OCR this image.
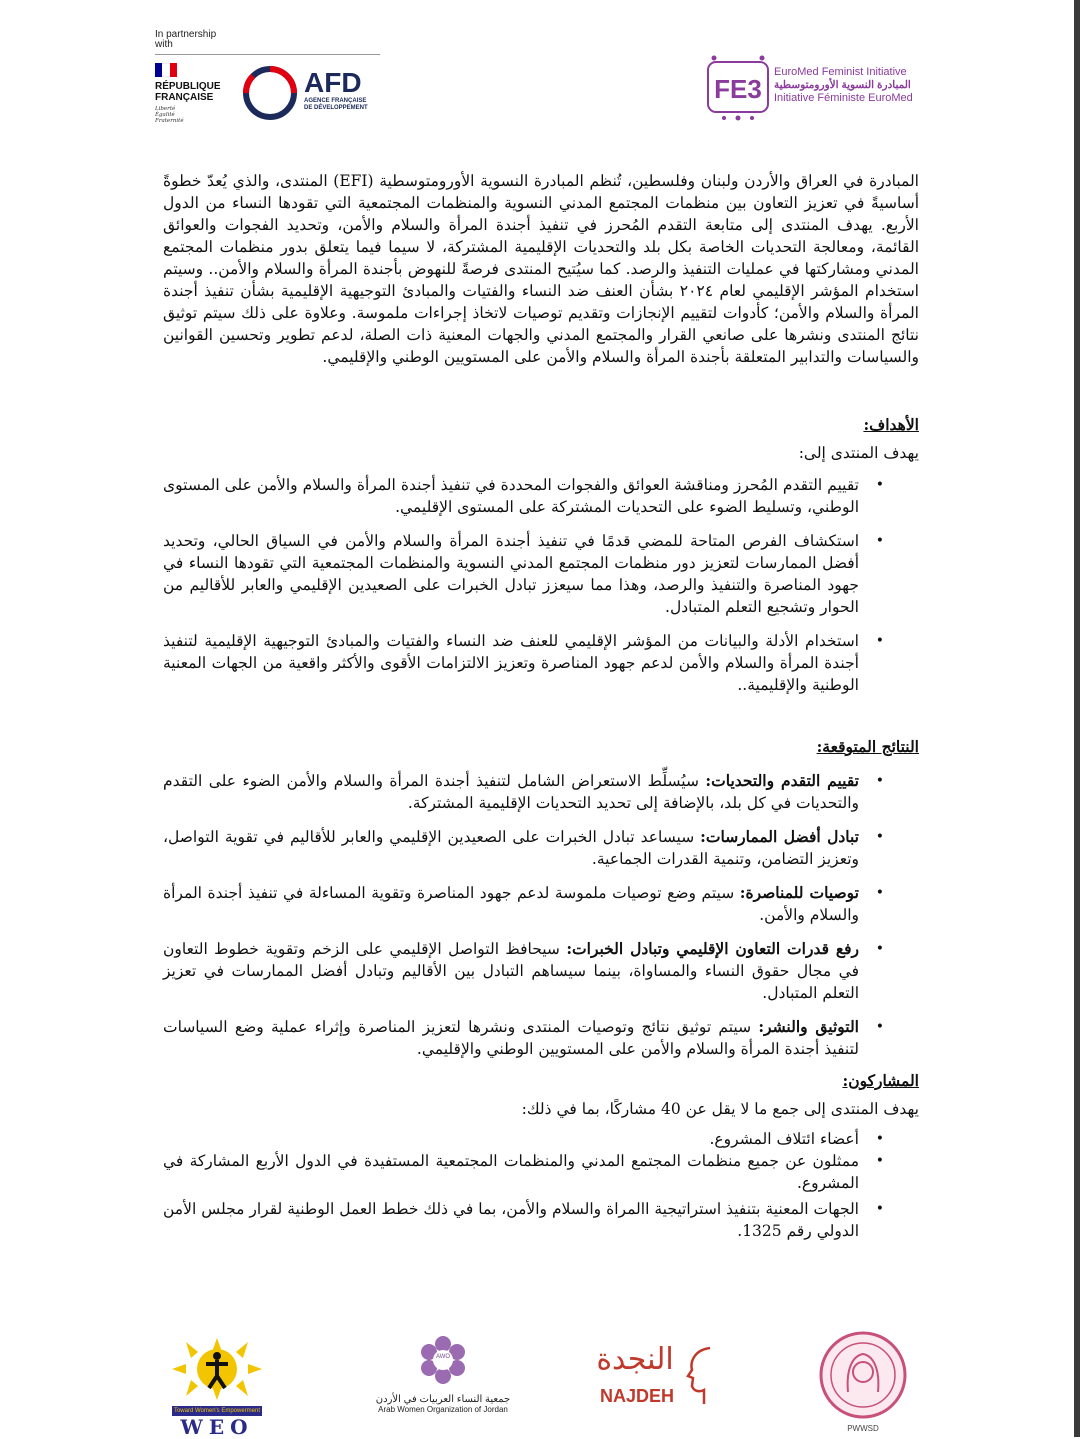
In partnership
with
RÉPUBLIQUE
FRANÇAISE
Liberté
Égalité
Fraternité
AFD
AGENCE FRANÇAISE
DE DÉVELOPPEMENT
FE3
EuroMed Feminist Initiative
المبادرة النسوية الأورومتوسطية
Initiative Féministe EuroMed

المبادرة في العراق والأردن ولبنان وفلسطين، تُنظم المبادرة النسوية الأورومتوسطية (EFI) المنتدى، والذي يُعدّ خطوةً أساسيةً في تعزيز التعاون بين منظمات المجتمع المدني النسوية والمنظمات المجتمعية التي تقودها النساء من الدول الأربع. يهدف المنتدى إلى متابعة التقدم المُحرز في تنفيذ أجندة المرأة والسلام والأمن، وتحديد الفجوات والعوائق القائمة، ومعالجة التحديات الخاصة بكل بلد والتحديات الإقليمية المشتركة، لا سيما فيما يتعلق بدور منظمات المجتمع المدني ومشاركتها في عمليات التنفيذ والرصد. كما سيُتيح المنتدى فرصةً للنهوض بأجندة المرأة والسلام والأمن.. وسيتم استخدام المؤشر الإقليمي لعام ٢٠٢٤ بشأن العنف ضد النساء والفتيات والمبادئ التوجيهية الإقليمية بشأن تنفيذ أجندة المرأة والسلام والأمن؛ كأدوات لتقييم الإنجازات وتقديم توصيات لاتخاذ إجراءات ملموسة. وعلاوة على ذلك سيتم توثيق نتائج المنتدى ونشرها على صانعي القرار والمجتمع المدني والجهات المعنية ذات الصلة، لدعم تطوير وتحسين القوانين والسياسات والتدابير المتعلقة بأجندة المرأة والسلام والأمن على المستويين الوطني والإقليمي.

الأهداف:

يهدف المنتدى إلى:

• تقييم التقدم المُحرز ومناقشة العوائق والفجوات المحددة في تنفيذ أجندة المرأة والسلام والأمن على المستوى الوطني، وتسليط الضوء على التحديات المشتركة على المستوى الإقليمي.
• استكشاف الفرص المتاحة للمضي قدمًا في تنفيذ أجندة المرأة والسلام والأمن في السياق الحالي، وتحديد أفضل الممارسات لتعزيز دور منظمات المجتمع المدني النسوية والمنظمات المجتمعية التي تقودها النساء في جهود المناصرة والتنفيذ والرصد، وهذا مما سيعزز تبادل الخبرات على الصعيدين الإقليمي والعابر للأقاليم من الحوار وتشجيع التعلم المتبادل.
• استخدام الأدلة والبيانات من المؤشر الإقليمي للعنف ضد النساء والفتيات والمبادئ التوجيهية الإقليمية لتنفيذ أجندة المرأة والسلام والأمن لدعم جهود المناصرة وتعزيز الالتزامات الأقوى والأكثر واقعية من الجهات المعنية الوطنية والإقليمية..

النتائج المتوقعة:

• تقييم التقدم والتحديات: سيُسلِّط الاستعراض الشامل لتنفيذ أجندة المرأة والسلام والأمن الضوء على التقدم والتحديات في كل بلد، بالإضافة إلى تحديد التحديات الإقليمية المشتركة.
• تبادل أفضل الممارسات: سيساعد تبادل الخبرات على الصعيدين الإقليمي والعابر للأقاليم في تقوية التواصل، وتعزيز التضامن، وتنمية القدرات الجماعية.
• توصيات للمناصرة: سيتم وضع توصيات ملموسة لدعم جهود المناصرة وتقوية المساءلة في تنفيذ أجندة المرأة والسلام والأمن.
• رفع قدرات التعاون الإقليمي وتبادل الخبرات: سيحافظ التواصل الإقليمي على الزخم وتقوية خطوط التعاون في مجال حقوق النساء والمساواة، بينما سيساهم التبادل بين الأقاليم وتبادل أفضل الممارسات في تعزيز التعلم المتبادل.
• التوثيق والنشر: سيتم توثيق نتائج وتوصيات المنتدى ونشرها لتعزيز المناصرة وإثراء عملية وضع السياسات لتنفيذ أجندة المرأة والسلام والأمن على المستويين الوطني والإقليمي.

المشاركون:

يهدف المنتدى إلى جمع ما لا يقل عن 40 مشاركًا، بما في ذلك:

• أعضاء ائتلاف المشروع.
• ممثلون عن جميع منظمات المجتمع المدني والمنظمات المجتمعية المستفيدة في الدول الأربع المشاركة في المشروع.
• الجهات المعنية بتنفيذ استراتيجية االمراة والسلام والأمن، بما في ذلك خطط العمل الوطنية لقرار مجلس الأمن الدولي رقم 1325.
Toward Women's Empowerment
WEO
AWO
جمعية النساء العربيات في الأردن
Arab Women Organization of Jordan
النجدة
NAJDEH
PWWSD
